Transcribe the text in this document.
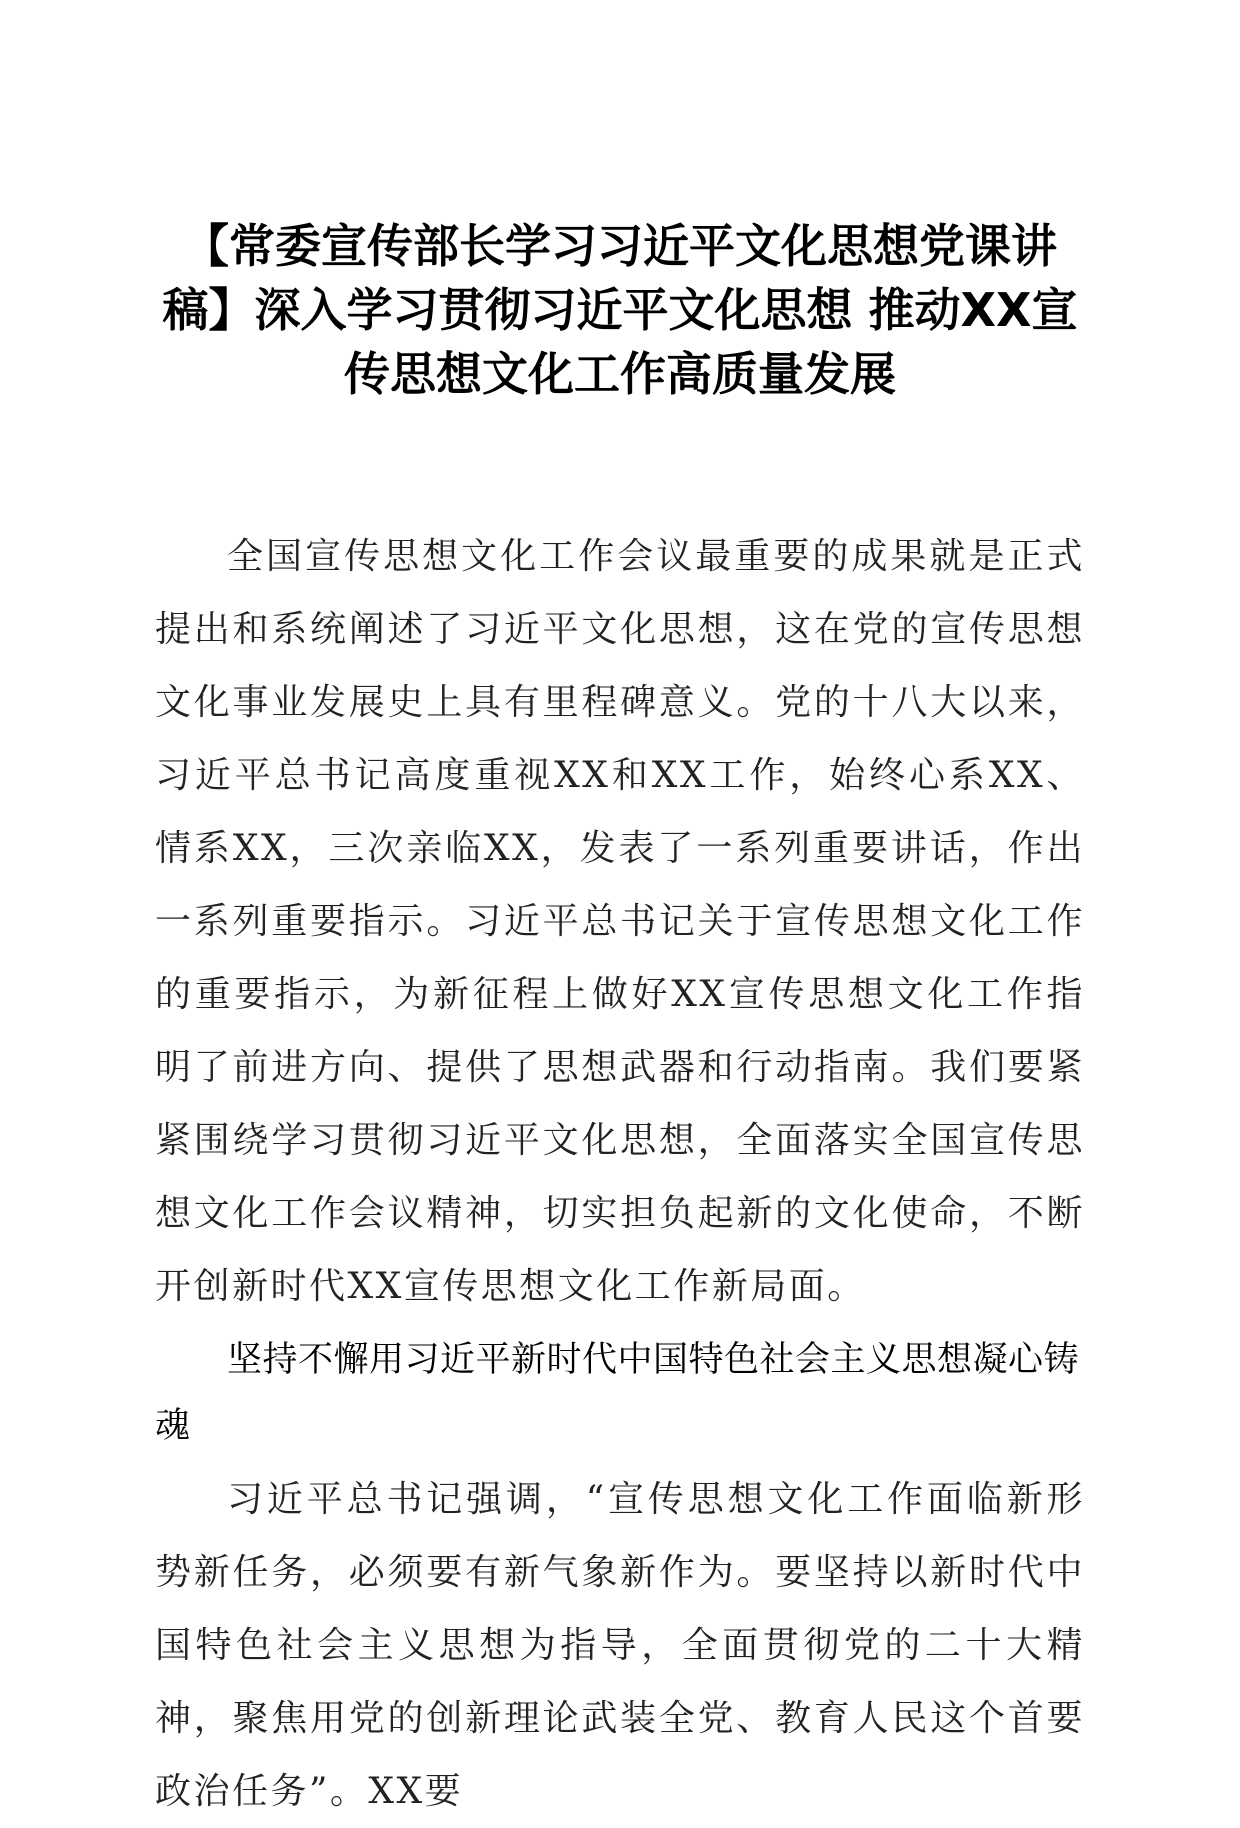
【常委宣传部长学习习近平文化思想党课讲
稿】深入学习贯彻习近平文化思想 推动XX宣
传思想文化工作高质量发展

全国宣传思想文化工作会议最重要的成果就是正式提出和系统阐述了习近平文化思想，这在党的宣传思想文化事业发展史上具有里程碑意义。党的十八大以来，习近平总书记高度重视XX和XX工作，始终心系XX、情系XX，三次亲临XX，发表了一系列重要讲话，作出一系列重要指示。习近平总书记关于宣传思想文化工作的重要指示，为新征程上做好XX宣传思想文化工作指明了前进方向、提供了思想武器和行动指南。我们要紧紧围绕学习贯彻习近平文化思想，全面落实全国宣传思想文化工作会议精神，切实担负起新的文化使命，不断开创新时代XX宣传思想文化工作新局面。

坚持不懈用习近平新时代中国特色社会主义思想凝心铸魂

习近平总书记强调，“宣传思想文化工作面临新形势新任务，必须要有新气象新作为。要坚持以新时代中国特色社会主义思想为指导，全面贯彻党的二十大精神，聚焦用党的创新理论武装全党、教育人民这个首要政治任务”。XX要
